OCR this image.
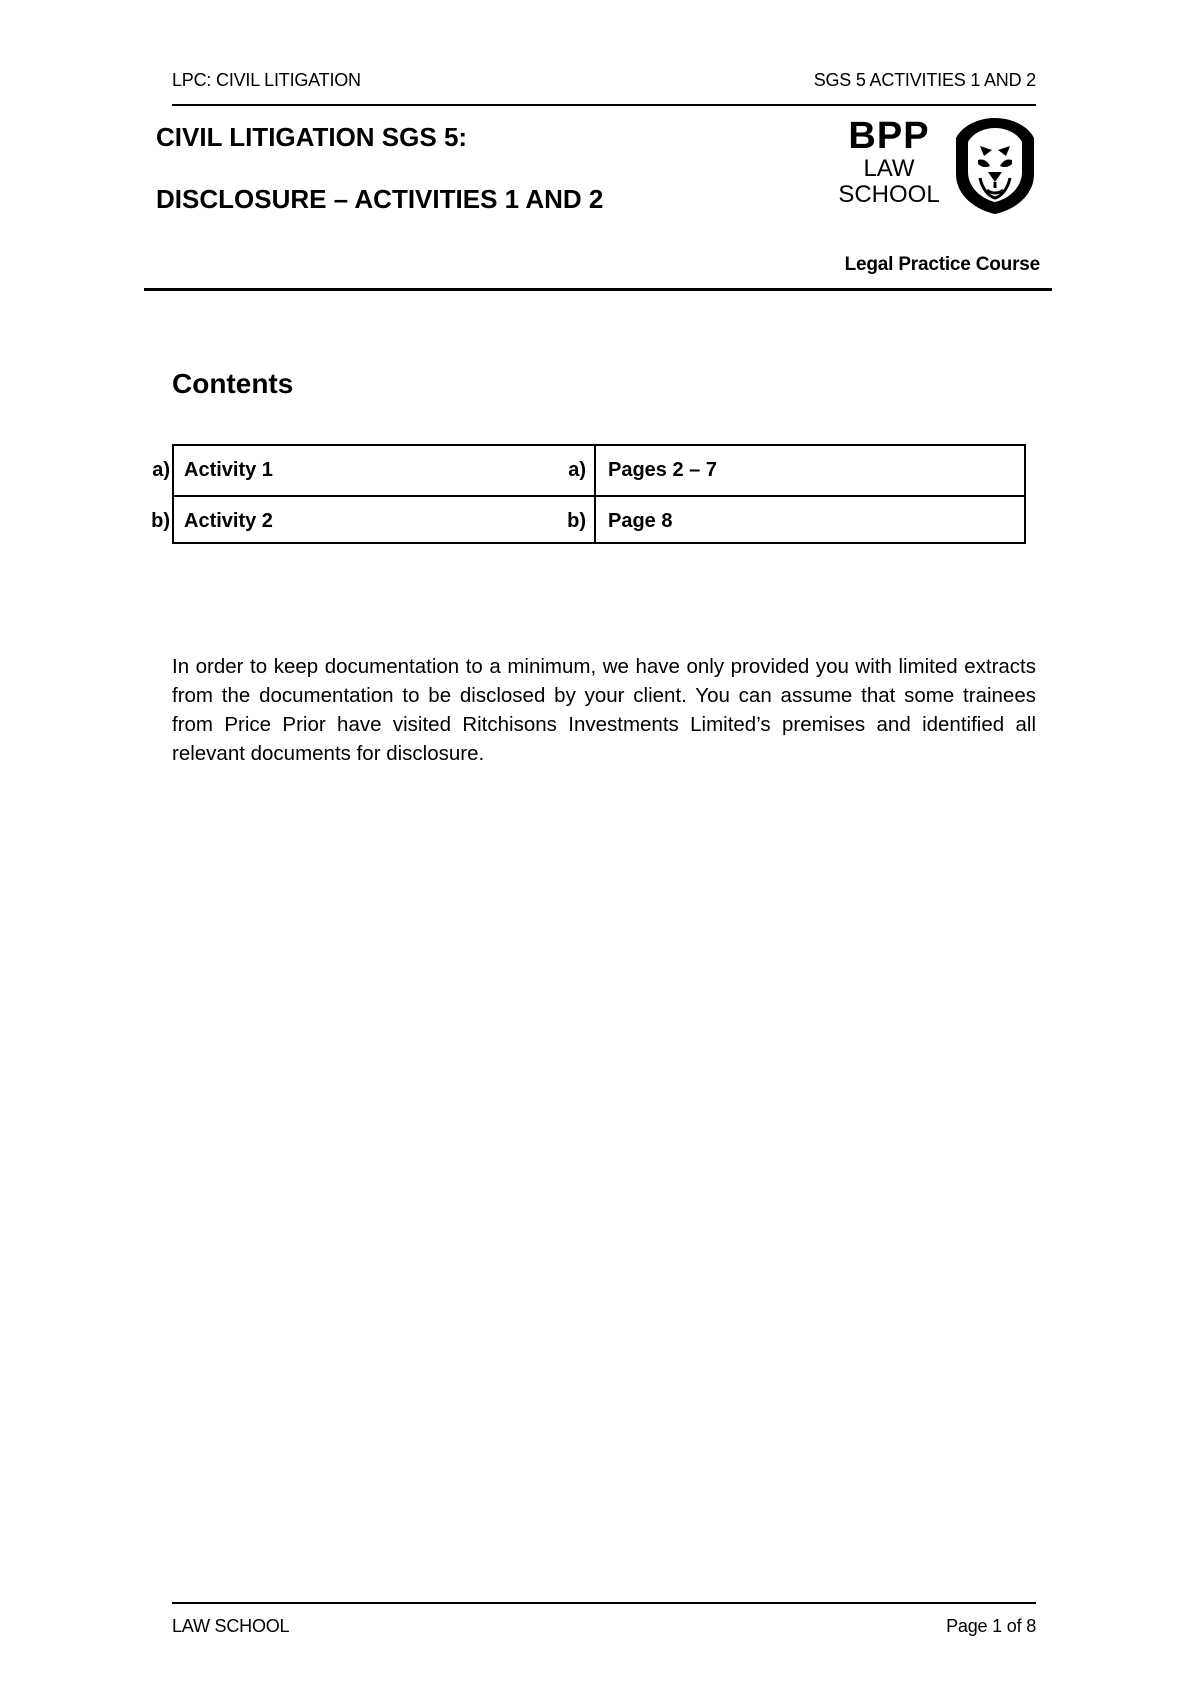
LPC: CIVIL LITIGATION	SGS 5 ACTIVITIES 1 AND 2
CIVIL LITIGATION SGS 5:
DISCLOSURE – ACTIVITIES 1 AND 2
BPP
LAW
SCHOOL
Legal Practice Course
Contents
a) Activity 1	a) Pages 2 – 7
b) Activity 2	b) Page 8

In order to keep documentation to a minimum, we have only provided you with limited extracts from the documentation to be disclosed by your client. You can assume that some trainees from Price Prior have visited Ritchisons Investments Limited’s premises and identified all relevant documents for disclosure.

LAW SCHOOL	Page 1 of 8
